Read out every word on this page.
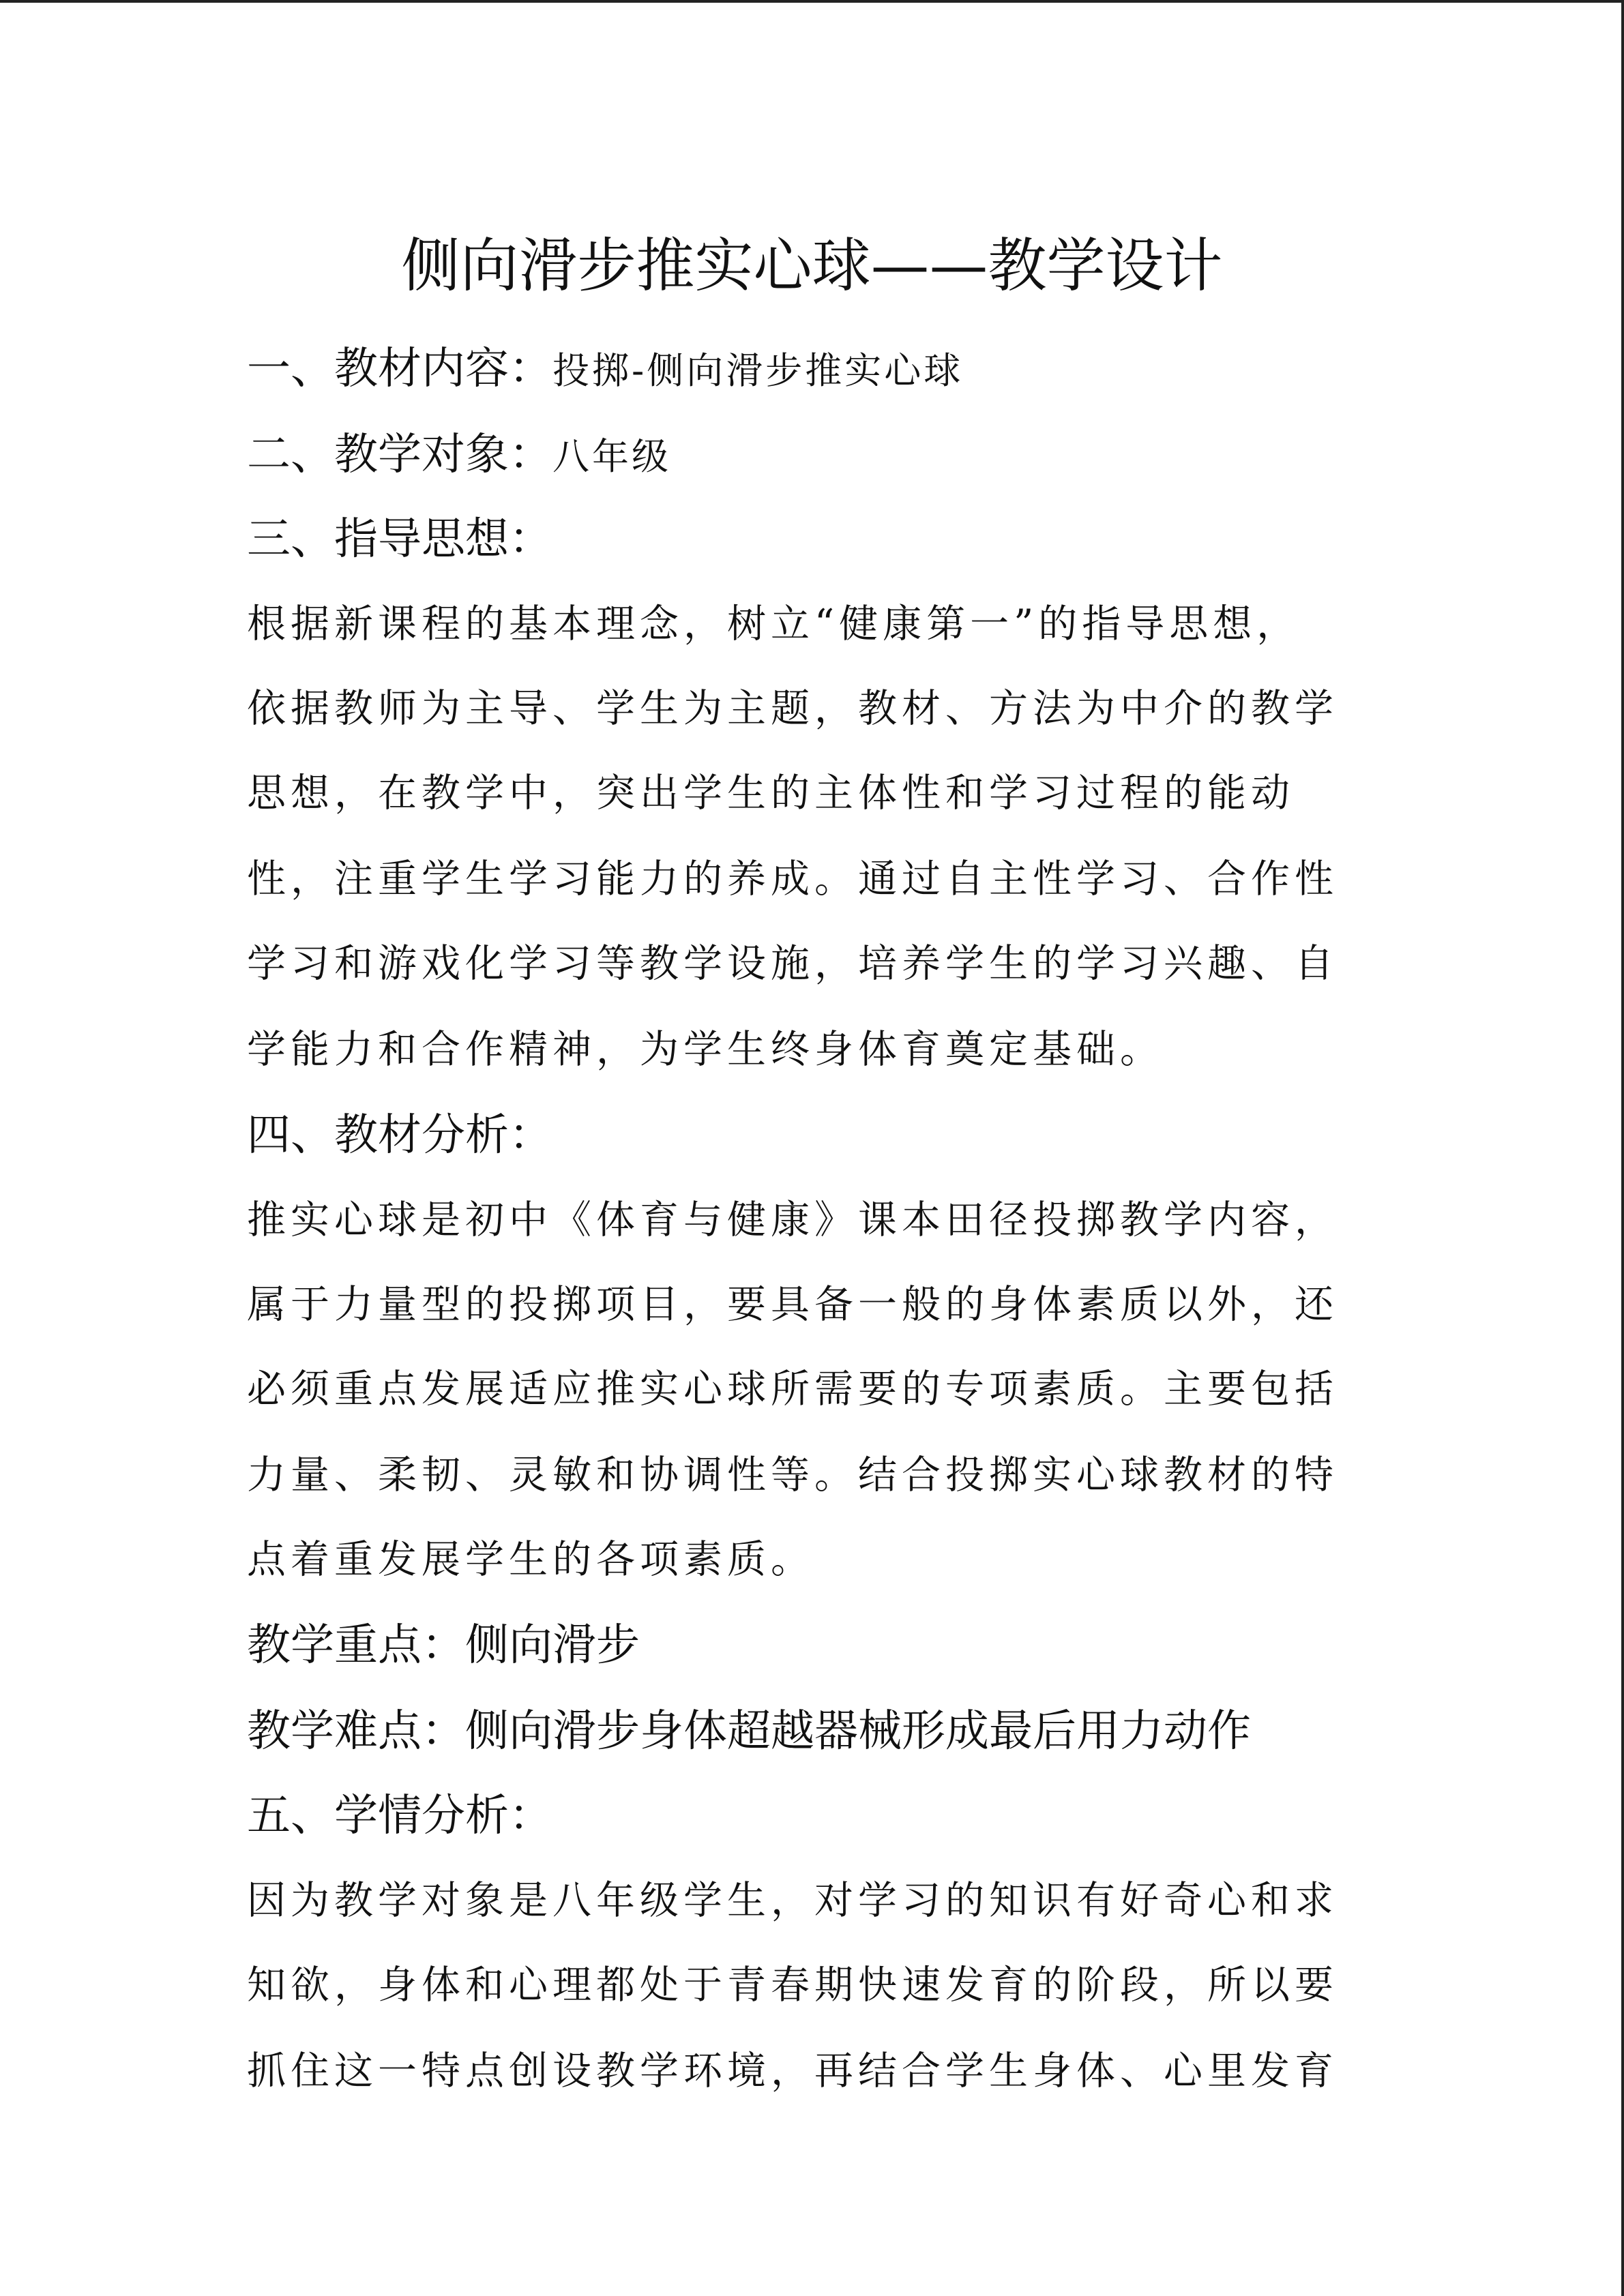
侧向滑步推实心球——教学设计
一、教材内容：投掷-侧向滑步推实心球
二、教学对象：八年级
三、指导思想：
根据新课程的基本理念，树立“健康第一”的指导思想，
依据教师为主导、学生为主题，教材、方法为中介的教学
思想，在教学中，突出学生的主体性和学习过程的能动
性，注重学生学习能力的养成。通过自主性学习、合作性
学习和游戏化学习等教学设施，培养学生的学习兴趣、自
学能力和合作精神，为学生终身体育奠定基础。
四、教材分析：
推实心球是初中《体育与健康》课本田径投掷教学内容，
属于力量型的投掷项目，要具备一般的身体素质以外，还
必须重点发展适应推实心球所需要的专项素质。主要包括
力量、柔韧、灵敏和协调性等。结合投掷实心球教材的特
点着重发展学生的各项素质。
教学重点：侧向滑步
教学难点：侧向滑步身体超越器械形成最后用力动作
五、学情分析：
因为教学对象是八年级学生，对学习的知识有好奇心和求
知欲，身体和心理都处于青春期快速发育的阶段，所以要
抓住这一特点创设教学环境，再结合学生身体、心里发育
